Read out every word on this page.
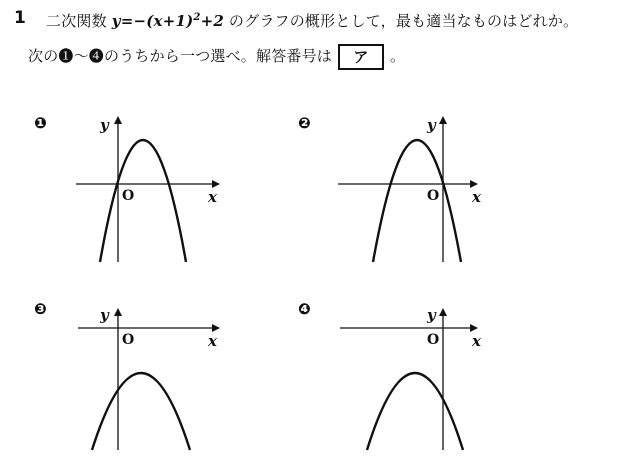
1 二次関数 $y=-(x+1)^2+2$ のグラフの概形として，最も適当なものはどれか。
次の❶～❹のうちから一つ選べ。解答番号は ア 。
❶	y
x
O
❷	y
x
O
❸	y
x
O
❹	y
x
O
